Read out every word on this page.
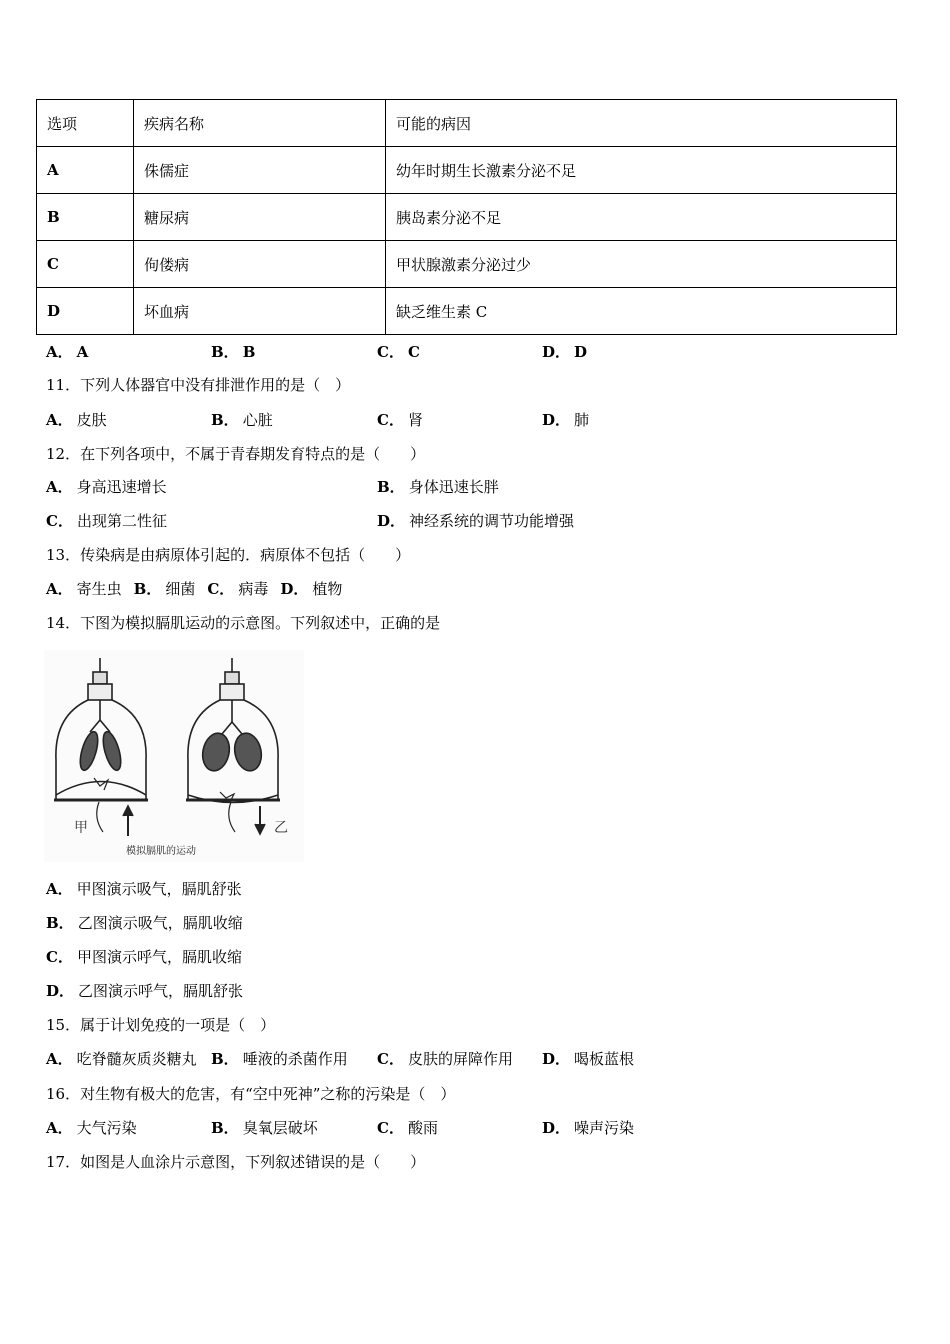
选项	疾病名称	可能的病因
A	侏儒症	幼年时期生长激素分泌不足
B	糖尿病	胰岛素分泌不足
C	佝偻病	甲状腺激素分泌过少
D	坏血病	缺乏维生素 C
A． A	B． B	C． C	D． D
11．下列人体器官中没有排泄作用的是（　）
A． 皮肤	B． 心脏	C． 肾	D． 肺
12．在下列各项中，不属于青春期发育特点的是（　　）
A． 身高迅速增长	B． 身体迅速长胖
C． 出现第二性征	D． 神经系统的调节功能增强
13．传染病是由病原体引起的．病原体不包括（　　）
A． 寄生虫 B． 细菌 C． 病毒 D． 植物
14．下图为模拟膈肌运动的示意图。下列叙述中，正确的是
甲	乙
模拟膈肌的运动
A． 甲图演示吸气，膈肌舒张
B． 乙图演示吸气，膈肌收缩
C． 甲图演示呼气，膈肌收缩
D． 乙图演示呼气，膈肌舒张
15．属于计划免疫的一项是（　）
A． 吃脊髓灰质炎糖丸 B． 唾液的杀菌作用 C． 皮肤的屏障作用 D． 喝板蓝根
16．对生物有极大的危害，有“空中死神”之称的污染是（　）
A． 大气污染	B． 臭氧层破坏	C． 酸雨	D． 噪声污染
17．如图是人血涂片示意图，下列叙述错误的是（　　）
